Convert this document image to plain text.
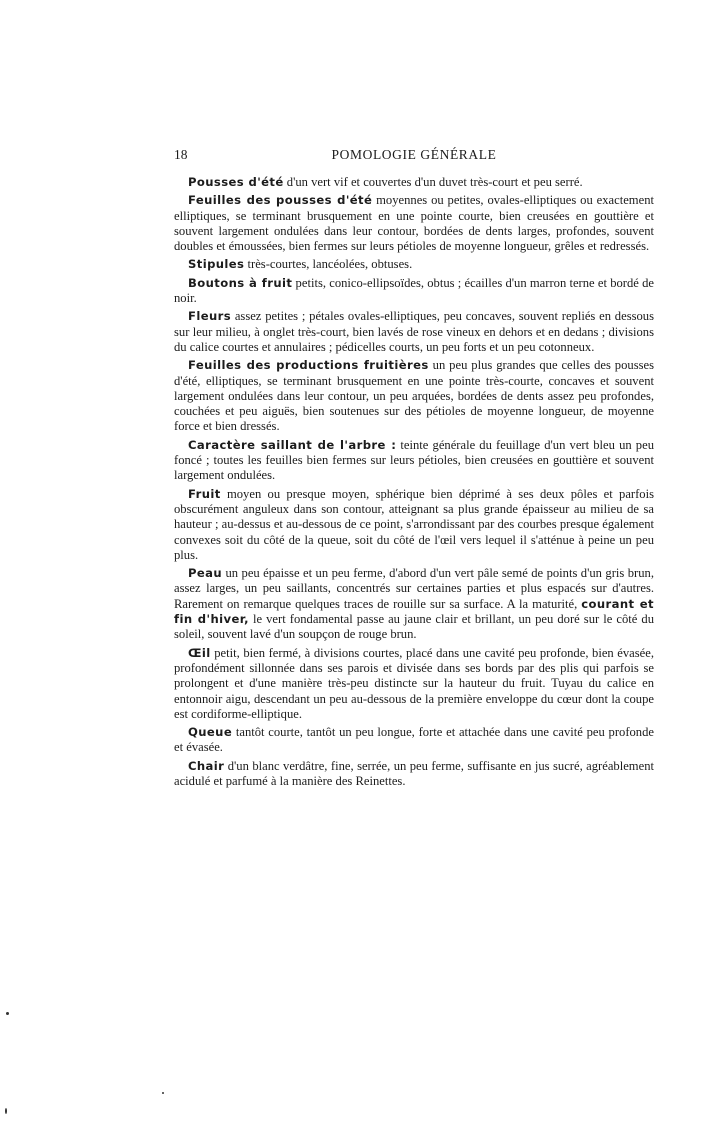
18	POMOLOGIE GÉNÉRALE

Pousses d'été d'un vert vif et couvertes d'un duvet très-court et peu serré.

Feuilles des pousses d'été moyennes ou petites, ovales-elliptiques ou exactement elliptiques, se terminant brusquement en une pointe courte, bien creusées en gouttière et souvent largement ondulées dans leur contour, bordées de dents larges, profondes, souvent doubles et émoussées, bien fermes sur leurs pétioles de moyenne longueur, grêles et redressés.

Stipules très-courtes, lancéolées, obtuses.

Boutons à fruit petits, conico-ellipsoïdes, obtus ; écailles d'un marron terne et bordé de noir.

Fleurs assez petites ; pétales ovales-elliptiques, peu concaves, souvent repliés en dessous sur leur milieu, à onglet très-court, bien lavés de rose vineux en dehors et en dedans ; divisions du calice courtes et annulaires ; pédicelles courts, un peu forts et un peu cotonneux.

Feuilles des productions fruitières un peu plus grandes que celles des pousses d'été, elliptiques, se terminant brusquement en une pointe très-courte, concaves et souvent largement ondulées dans leur contour, un peu arquées, bordées de dents assez peu profondes, couchées et peu aiguës, bien soutenues sur des pétioles de moyenne longueur, de moyenne force et bien dressés.

Caractère saillant de l'arbre : teinte générale du feuillage d'un vert bleu un peu foncé ; toutes les feuilles bien fermes sur leurs pétioles, bien creusées en gouttière et souvent largement ondulées.

Fruit moyen ou presque moyen, sphérique bien déprimé à ses deux pôles et parfois obscurément anguleux dans son contour, atteignant sa plus grande épaisseur au milieu de sa hauteur ; au-dessus et au-dessous de ce point, s'arrondissant par des courbes presque également convexes soit du côté de la queue, soit du côté de l'œil vers lequel il s'atténue à peine un peu plus.

Peau un peu épaisse et un peu ferme, d'abord d'un vert pâle semé de points d'un gris brun, assez larges, un peu saillants, concentrés sur certaines parties et plus espacés sur d'autres. Rarement on remarque quelques traces de rouille sur sa surface. A la maturité, courant et fin d'hiver, le vert fondamental passe au jaune clair et brillant, un peu doré sur le côté du soleil, souvent lavé d'un soupçon de rouge brun.

Œil petit, bien fermé, à divisions courtes, placé dans une cavité peu profonde, bien évasée, profondément sillonnée dans ses parois et divisée dans ses bords par des plis qui parfois se prolongent et d'une manière très-peu distincte sur la hauteur du fruit. Tuyau du calice en entonnoir aigu, descendant un peu au-dessous de la première enveloppe du cœur dont la coupe est cordiforme-elliptique.

Queue tantôt courte, tantôt un peu longue, forte et attachée dans une cavité peu profonde et évasée.

Chair d'un blanc verdâtre, fine, serrée, un peu ferme, suffisante en jus sucré, agréablement acidulé et parfumé à la manière des Reinettes.
